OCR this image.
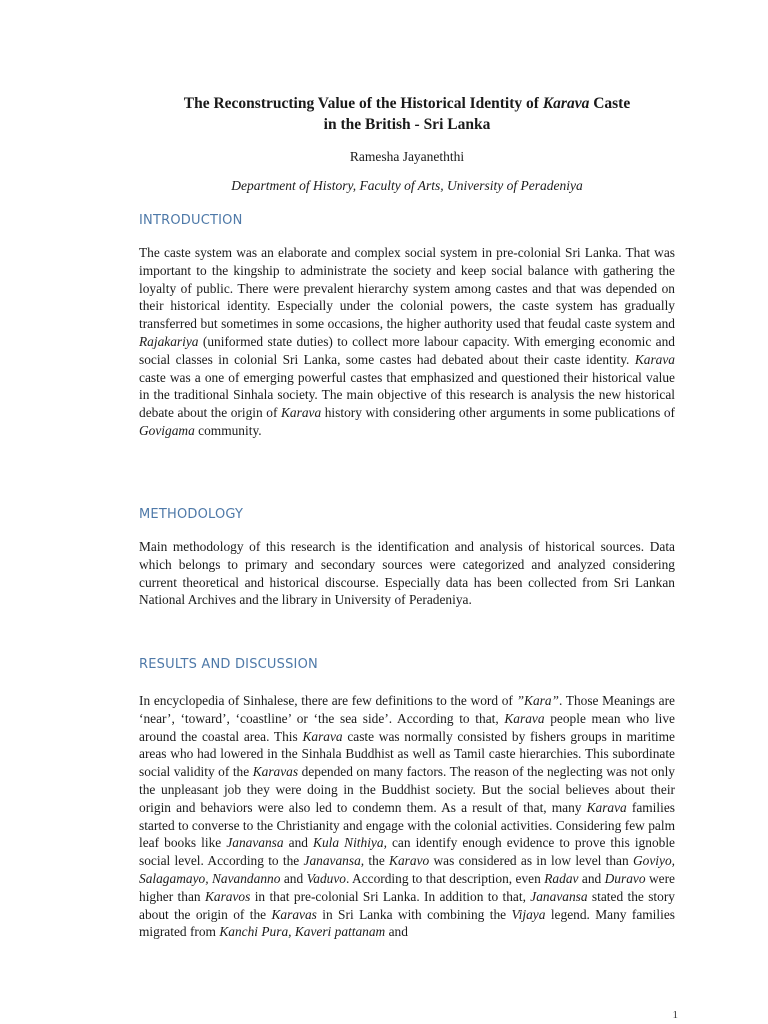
The Reconstructing Value of the Historical Identity of Karava Caste
in the British - Sri Lanka
Ramesha Jayaneththi
Department of History, Faculty of Arts, University of Peradeniya
INTRODUCTION
The caste system was an elaborate and complex social system in pre-colonial Sri Lanka. That was important to the kingship to administrate the society and keep social balance with gathering the loyalty of public. There were prevalent hierarchy system among castes and that was depended on their historical identity. Especially under the colonial powers, the caste system has gradually transferred but sometimes in some occasions, the higher authority used that feudal caste system and Rajakariya (uniformed state duties) to collect more labour capacity. With emerging economic and social classes in colonial Sri Lanka, some castes had debated about their caste identity. Karava caste was a one of emerging powerful castes that emphasized and questioned their historical value in the traditional Sinhala society. The main objective of this research is analysis the new historical debate about the origin of Karava history with considering other arguments in some publications of Govigama community.
METHODOLOGY
Main methodology of this research is the identification and analysis of historical sources. Data which belongs to primary and secondary sources were categorized and analyzed considering current theoretical and historical discourse. Especially data has been collected from Sri Lankan National Archives and the library in University of Peradeniya.
RESULTS AND DISCUSSION
In encyclopedia of Sinhalese, there are few definitions to the word of ”Kara”. Those Meanings are ‘near’, ‘toward’, ‘coastline’ or ‘the sea side’. According to that, Karava people mean who live around the coastal area. This Karava caste was normally consisted by fishers groups in maritime areas who had lowered in the Sinhala Buddhist as well as Tamil caste hierarchies. This subordinate social validity of the Karavas depended on many factors. The reason of the neglecting was not only the unpleasant job they were doing in the Buddhist society. But the social believes about their origin and behaviors were also led to condemn them. As a result of that, many Karava families started to converse to the Christianity and engage with the colonial activities. Considering few palm leaf books like Janavansa and Kula Nithiya, can identify enough evidence to prove this ignoble social level. According to the Janavansa, the Karavo was considered as in low level than Goviyo, Salagamayo, Navandanno and Vaduvo. According to that description, even Radav and Duravo were higher than Karavos in that pre-colonial Sri Lanka. In addition to that, Janavansa stated the story about the origin of the Karavas in Sri Lanka with combining the Vijaya legend. Many families migrated from Kanchi Pura, Kaveri pattanam and
1
